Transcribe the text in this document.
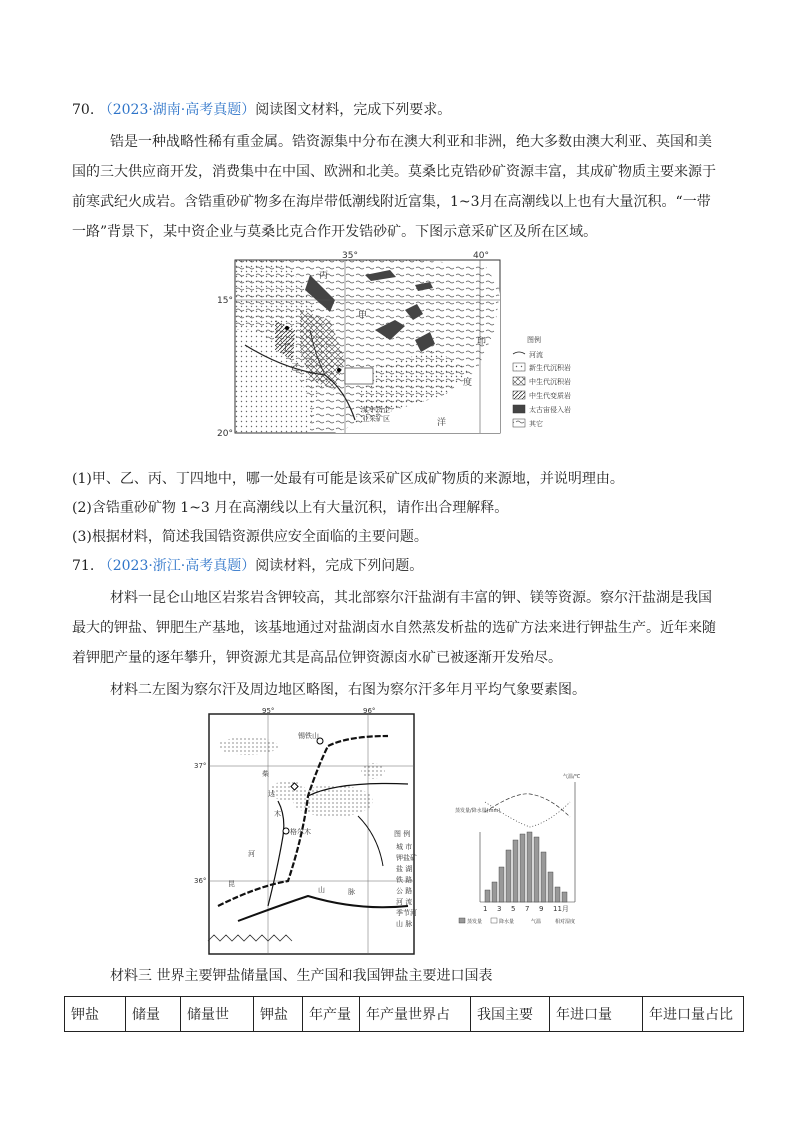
70. （2023·湖南·高考真题）阅读图文材料，完成下列要求。
锆是一种战略性稀有重金属。锆资源集中分布在澳大利亚和非洲，绝大多数由澳大利亚、英国和美
国的三大供应商开发，消费集中在中国、欧洲和北美。莫桑比克锆砂矿资源丰富，其成矿物质主要来源于
前寒武纪火成岩。含锆重砂矿物多在海岸带低潮线附近富集，1~3月在高潮线以上也有大量沉积。“一带
一路”背景下，某中资企业与莫桑比克合作开发锆砂矿。下图示意采矿区及所在区域。
35°	40°
15°
20°
丙
甲
乙
丁
印
度
洋
某中资企
业采矿区
图例
河流
新生代沉积岩
中生代沉积岩
中生代变质岩
太古宙侵入岩
其它
(1)甲、乙、丙、丁四地中，哪一处最有可能是该采矿区成矿物质的来源地，并说明理由。
(2)含锆重砂矿物 1~3 月在高潮线以上有大量沉积，请作出合理解释。
(3)根据材料，简述我国锆资源供应安全面临的主要问题。
71. （2023·浙江·高考真题）阅读材料，完成下列问题。
材料一昆仑山地区岩浆岩含钾较高，其北部察尔汗盐湖有丰富的钾、镁等资源。察尔汗盐湖是我国
最大的钾盐、钾肥生产基地，该基地通过对盐湖卤水自然蒸发析盐的选矿方法来进行钾盐生产。近年来随
着钾肥产量的逐年攀升，钾资源尤其是高品位钾资源卤水矿已被逐渐开发殆尽。
材料二左图为察尔汗及周边地区略图，右图为察尔汗多年月平均气象要素图。
95°	96°
37°
36°
锡铁山
格尔木
柴
达
木
河
昆
山	脉
图 例
城 市
钾盐矿
盐 湖
铁 路
公 路
河 流
季节河
山 脉
蒸发量/降水量(mm)
气温/℃
1 3 5 7 9 11月
蒸发量	降水量	气温	相对湿度
材料三 世界主要钾盐储量国、生产国和我国钾盐主要进口国表
钾盐	储量	储量世	钾盐	年产量	年产量世界占	我国主要	年进口量	年进口量占比
